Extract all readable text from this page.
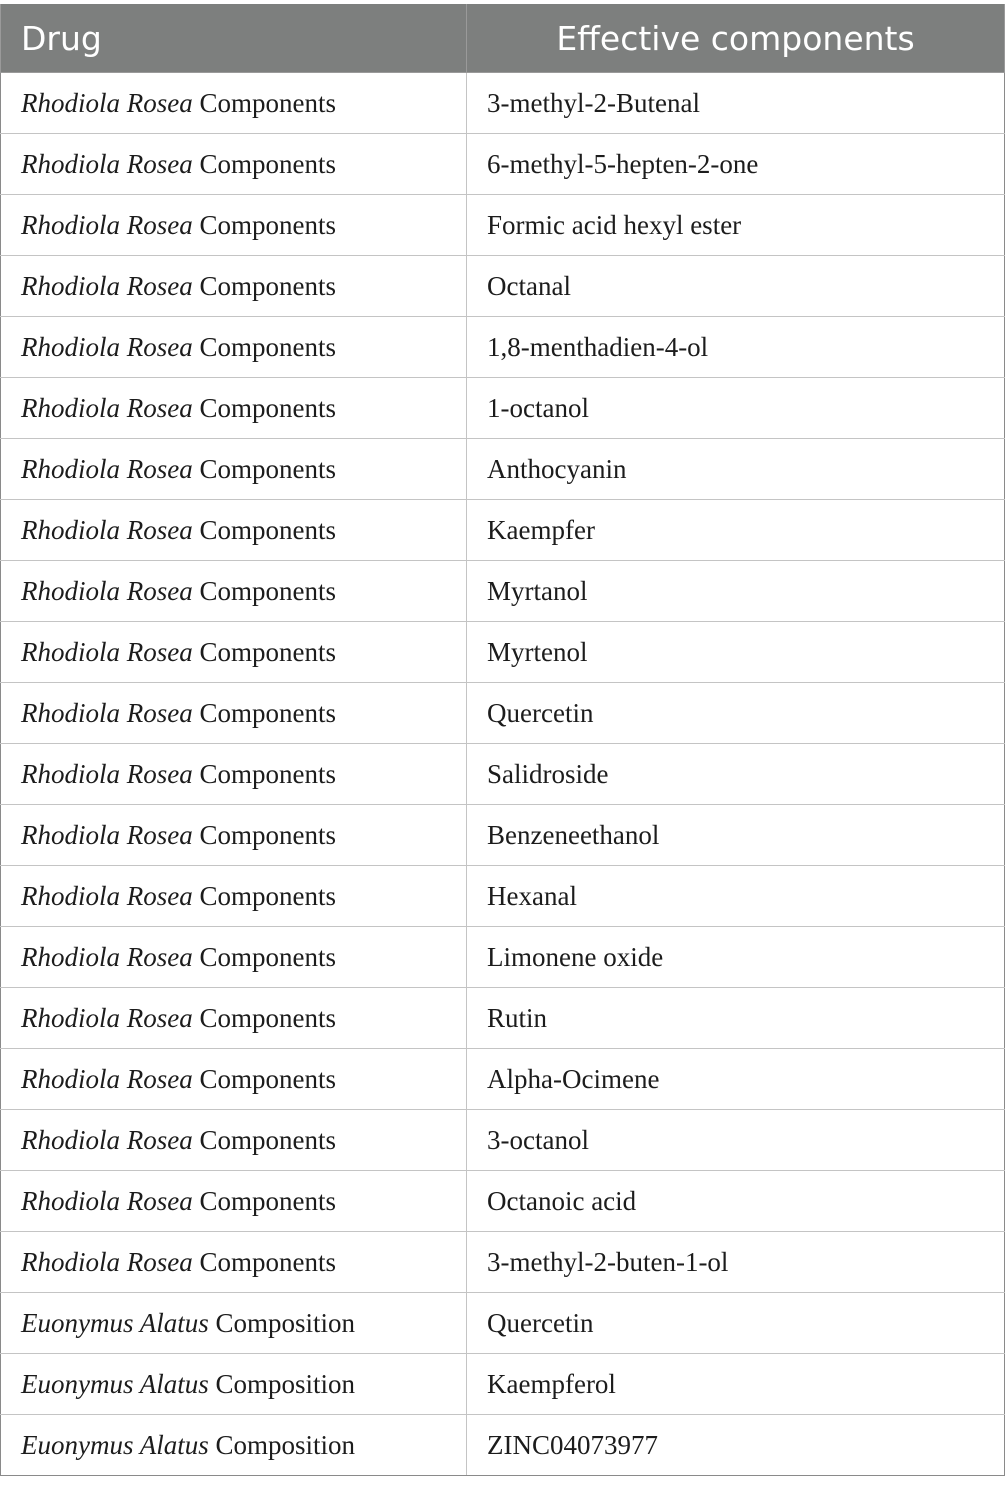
Drug	Effective components
Rhodiola Rosea Components	3-methyl-2-Butenal
Rhodiola Rosea Components	6-methyl-5-hepten-2-one
Rhodiola Rosea Components	Formic acid hexyl ester
Rhodiola Rosea Components	Octanal
Rhodiola Rosea Components	1,8-menthadien-4-ol
Rhodiola Rosea Components	1-octanol
Rhodiola Rosea Components	Anthocyanin
Rhodiola Rosea Components	Kaempfer
Rhodiola Rosea Components	Myrtanol
Rhodiola Rosea Components	Myrtenol
Rhodiola Rosea Components	Quercetin
Rhodiola Rosea Components	Salidroside
Rhodiola Rosea Components	Benzeneethanol
Rhodiola Rosea Components	Hexanal
Rhodiola Rosea Components	Limonene oxide
Rhodiola Rosea Components	Rutin
Rhodiola Rosea Components	Alpha-Ocimene
Rhodiola Rosea Components	3-octanol
Rhodiola Rosea Components	Octanoic acid
Rhodiola Rosea Components	3-methyl-2-buten-1-ol
Euonymus Alatus Composition	Quercetin
Euonymus Alatus Composition	Kaempferol
Euonymus Alatus Composition	ZINC04073977
